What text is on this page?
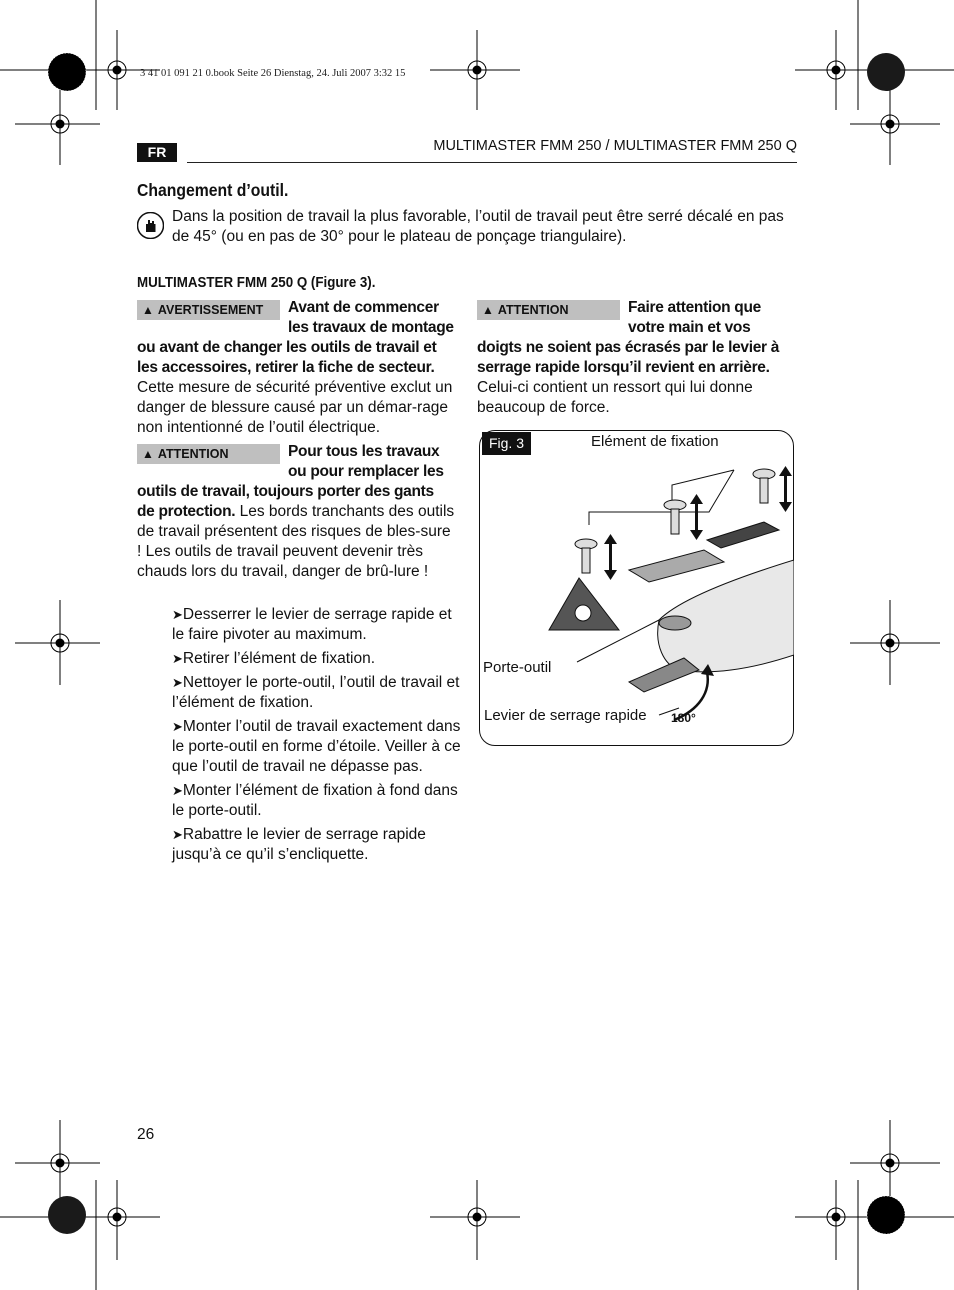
3 41 01 091 21 0.book Seite 26 Dienstag, 24. Juli 2007 3:32 15
FR	MULTIMASTER FMM 250 / MULTIMASTER FMM 250 Q
Changement d’outil.
Dans la position de travail la plus favorable, l’outil de travail peut être serré décalé en pas de 45° (ou en pas de 30° pour le plateau de ponçage triangulaire).
MULTIMASTER FMM 250 Q (Figure 3).
▲ AVERTISSEMENT	Avant de commencer les travaux de montage ou avant de changer les outils de travail et les accessoires, retirer la fiche de secteur. Cette mesure de sécurité préventive exclut un danger de blessure causé par un démar-rage non intentionné de l’outil électrique.
▲ ATTENTION	Pour tous les travaux ou pour remplacer les outils de travail, toujours porter des gants de protection. Les bords tranchants des outils de travail présentent des risques de bles-sure ! Les outils de travail peuvent devenir très chauds lors du travail, danger de brû-lure !
➤Desserrer le levier de serrage rapide et le faire pivoter au maximum.
➤Retirer l’élément de fixation.
➤Nettoyer le porte-outil, l’outil de travail et l’élément de fixation.
➤Monter l’outil de travail exactement dans le porte-outil en forme d’étoile. Veiller à ce que l’outil de travail ne dépasse pas.
➤Monter l’élément de fixation à fond dans le porte-outil.
➤Rabattre le levier de serrage rapide jusqu’à ce qu’il s’encliquette.
▲ ATTENTION	Faire attention que votre main et vos doigts ne soient pas écrasés par le levier à serrage rapide lorsqu’il revient en arrière. Celui-ci contient un ressort qui lui donne beaucoup de force.
Fig. 3	Elément de fixation
Porte-outil
Levier de serrage rapide 180°
26
